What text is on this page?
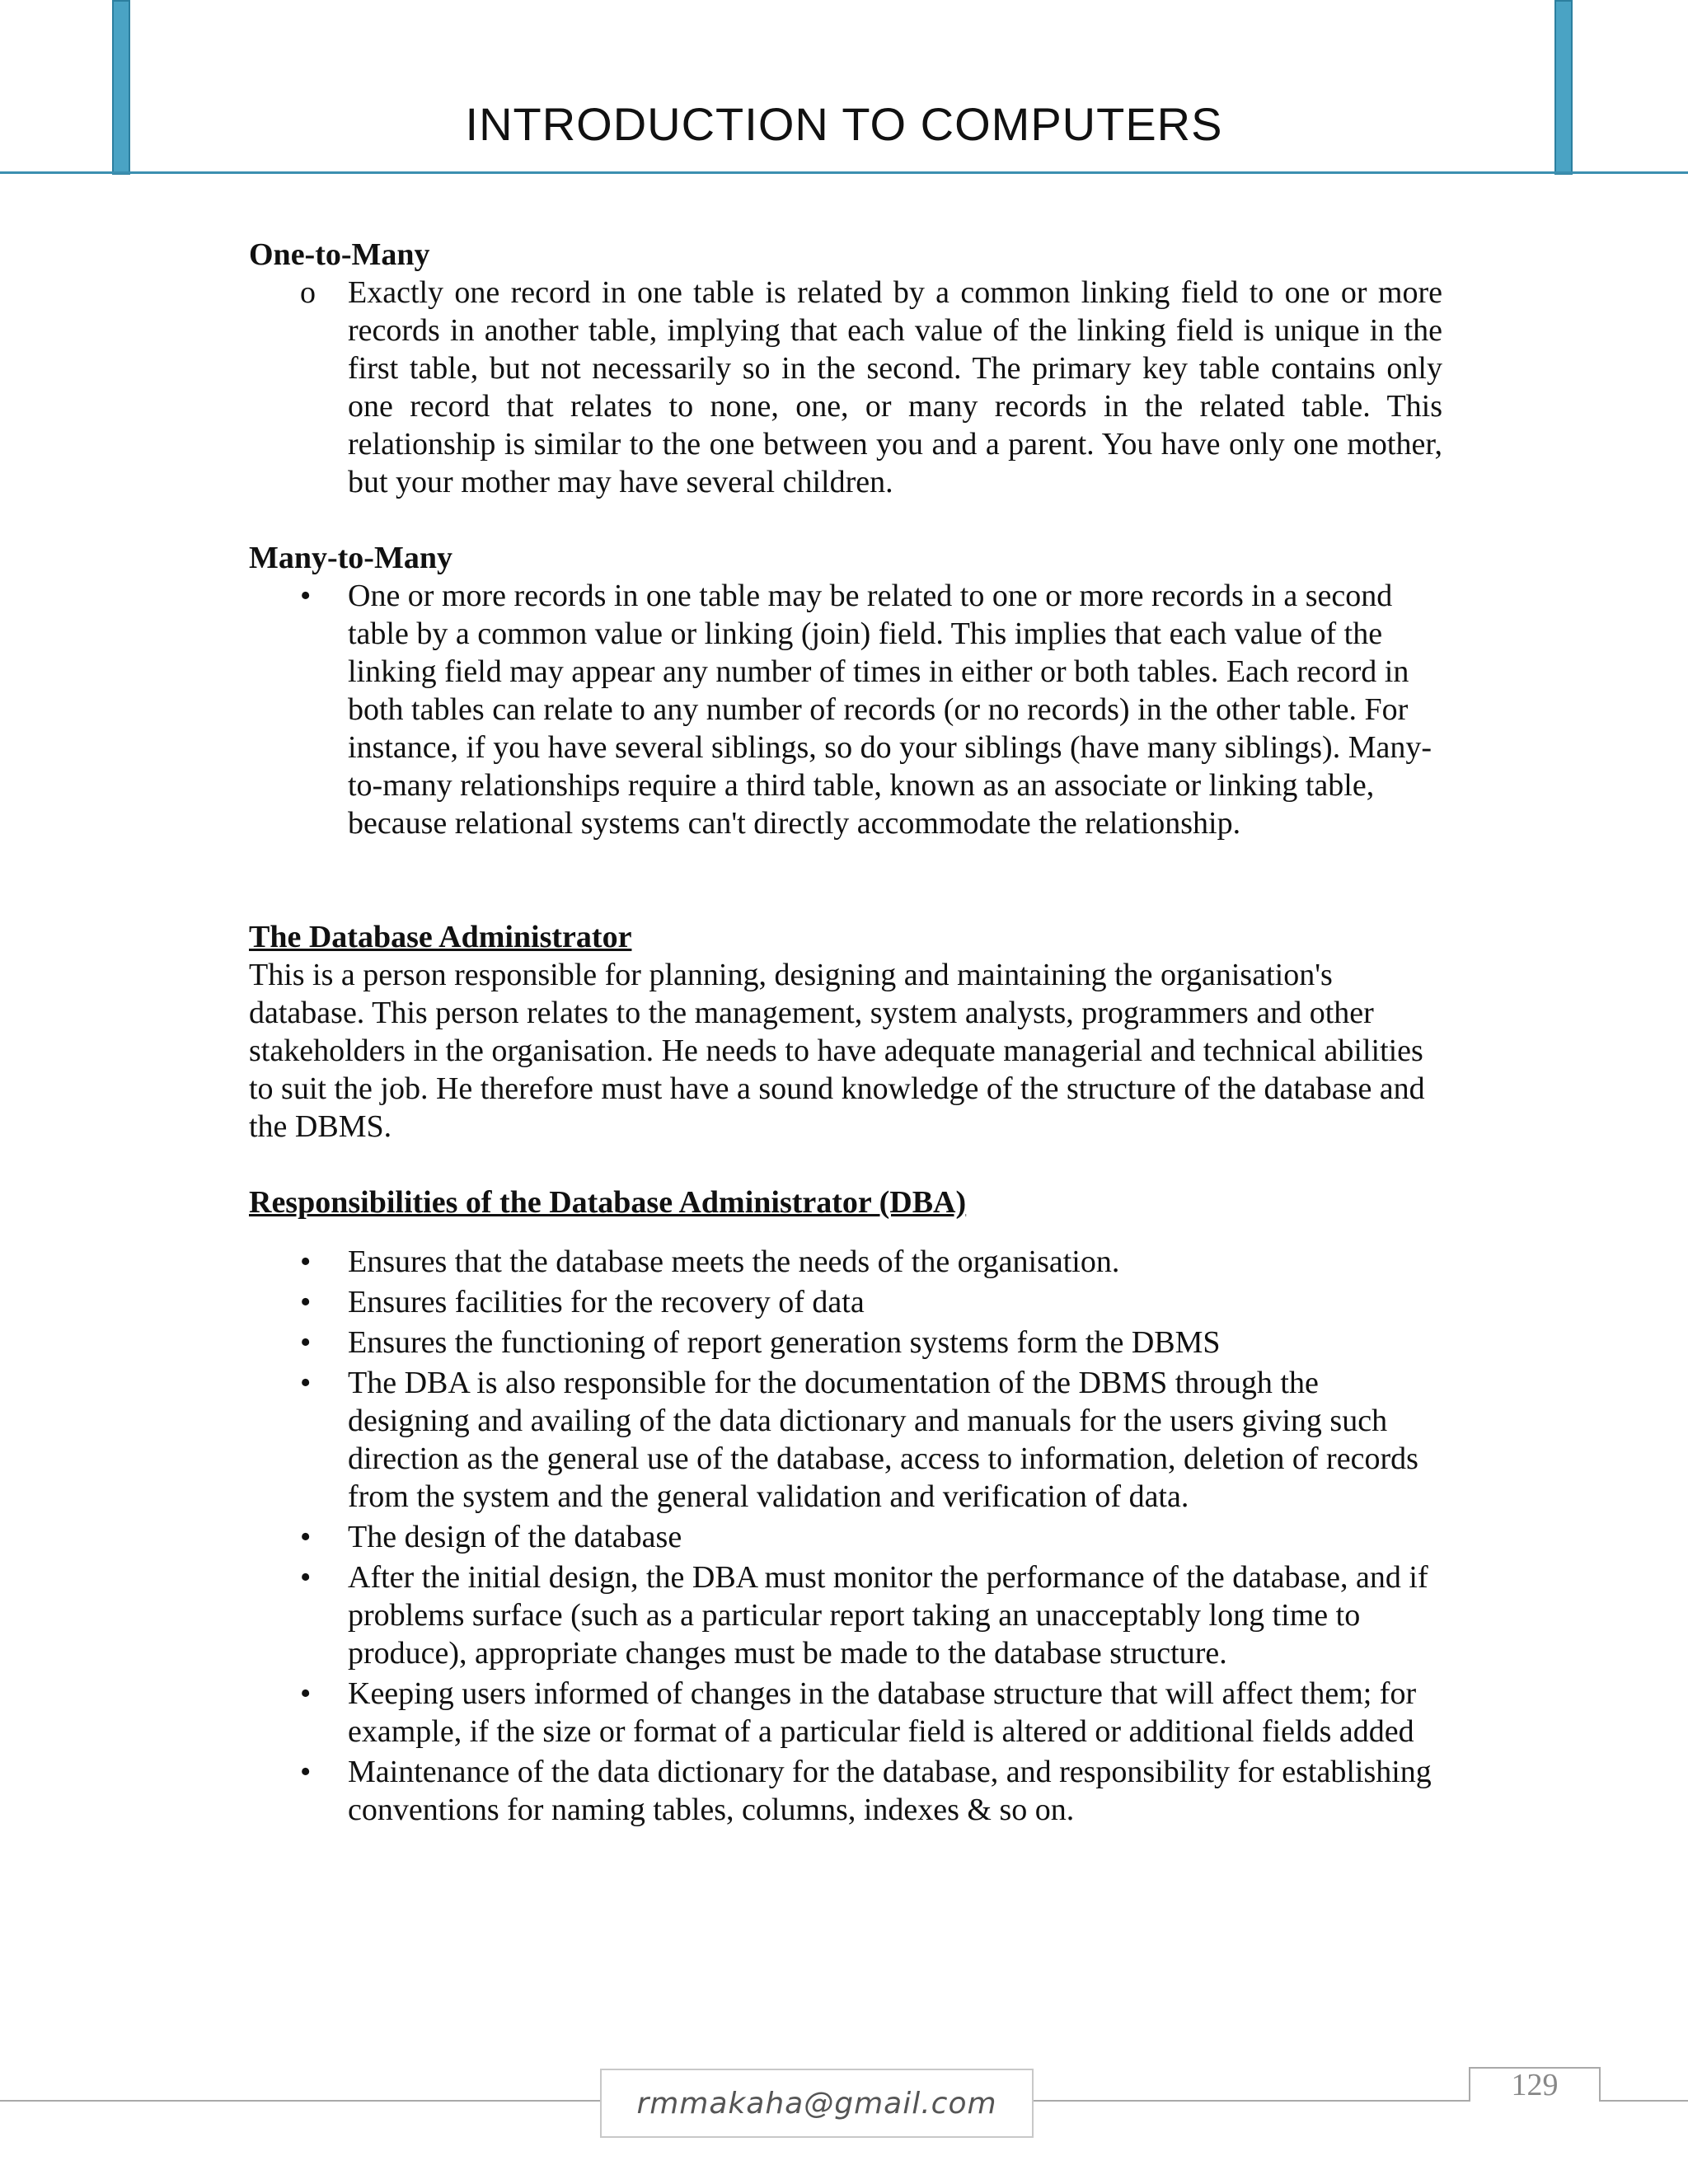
INTRODUCTION TO COMPUTERS
One-to-Many
o Exactly one record in one table is related by a common linking field to one or more records in another table, implying that each value of the linking field is unique in the first table, but not necessarily so in the second. The primary key table contains only one record that relates to none, one, or many records in the related table. This relationship is similar to the one between you and a parent. You have only one mother, but your mother may have several children.
Many-to-Many
• One or more records in one table may be related to one or more records in a second table by a common value or linking (join) field. This implies that each value of the linking field may appear any number of times in either or both tables. Each record in both tables can relate to any number of records (or no records) in the other table. For instance, if you have several siblings, so do your siblings (have many siblings). Many-to-many relationships require a third table, known as an associate or linking table, because relational systems can't directly accommodate the relationship.
The Database Administrator
This is a person responsible for planning, designing and maintaining the organisation's database. This person relates to the management, system analysts, programmers and other stakeholders in the organisation. He needs to have adequate managerial and technical abilities to suit the job. He therefore must have a sound knowledge of the structure of the database and the DBMS.
Responsibilities of the Database Administrator (DBA)
• Ensures that the database meets the needs of the organisation.
• Ensures facilities for the recovery of data
• Ensures the functioning of report generation systems form the DBMS
• The DBA is also responsible for the documentation of the DBMS through the designing and availing of the data dictionary and manuals for the users giving such direction as the general use of the database, access to information, deletion of records from the system and the general validation and verification of data.
• The design of the database
• After the initial design, the DBA must monitor the performance of the database, and if problems surface (such as a particular report taking an unacceptably long time to produce), appropriate changes must be made to the database structure.
• Keeping users informed of changes in the database structure that will affect them; for example, if the size or format of a particular field is altered or additional fields added
• Maintenance of the data dictionary for the database, and responsibility for establishing conventions for naming tables, columns, indexes & so on.
rmmakaha@gmail.com
129
